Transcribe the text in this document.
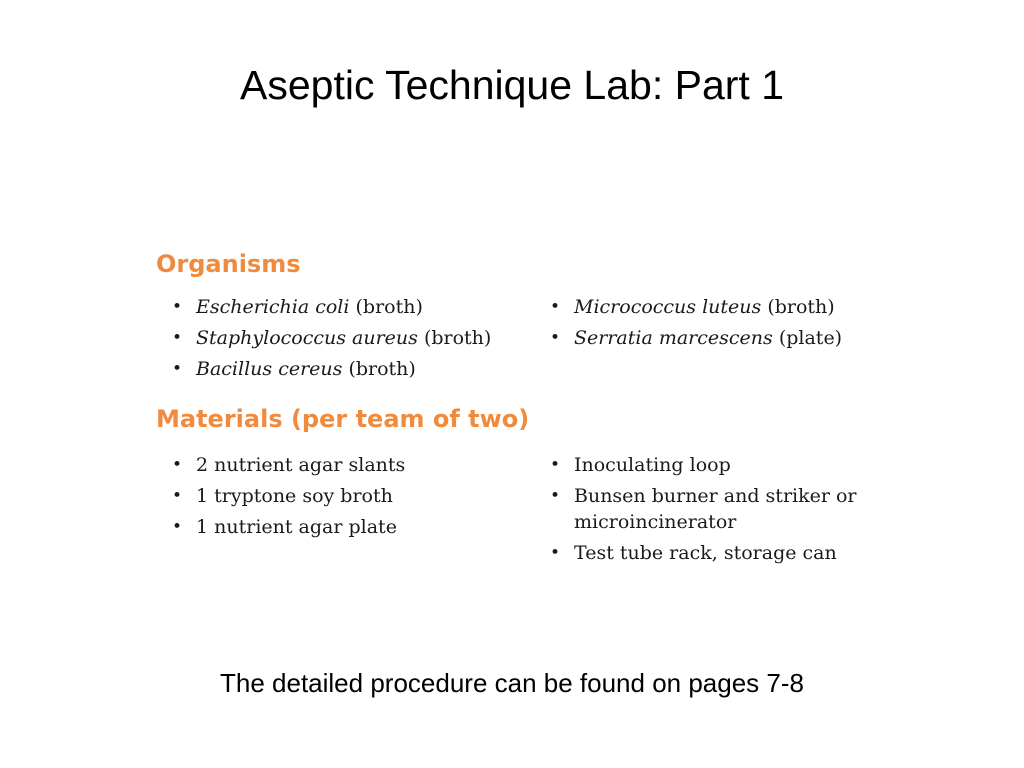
Aseptic Technique Lab: Part 1
Organisms
• Escherichia coli (broth)
• Staphylococcus aureus (broth)
• Bacillus cereus (broth)
• Micrococcus luteus (broth)
• Serratia marcescens (plate)
Materials (per team of two)
• 2 nutrient agar slants
• 1 tryptone soy broth
• 1 nutrient agar plate
• Inoculating loop
• Bunsen burner and striker or microincinerator
• Test tube rack, storage can

The detailed procedure can be found on pages 7-8
